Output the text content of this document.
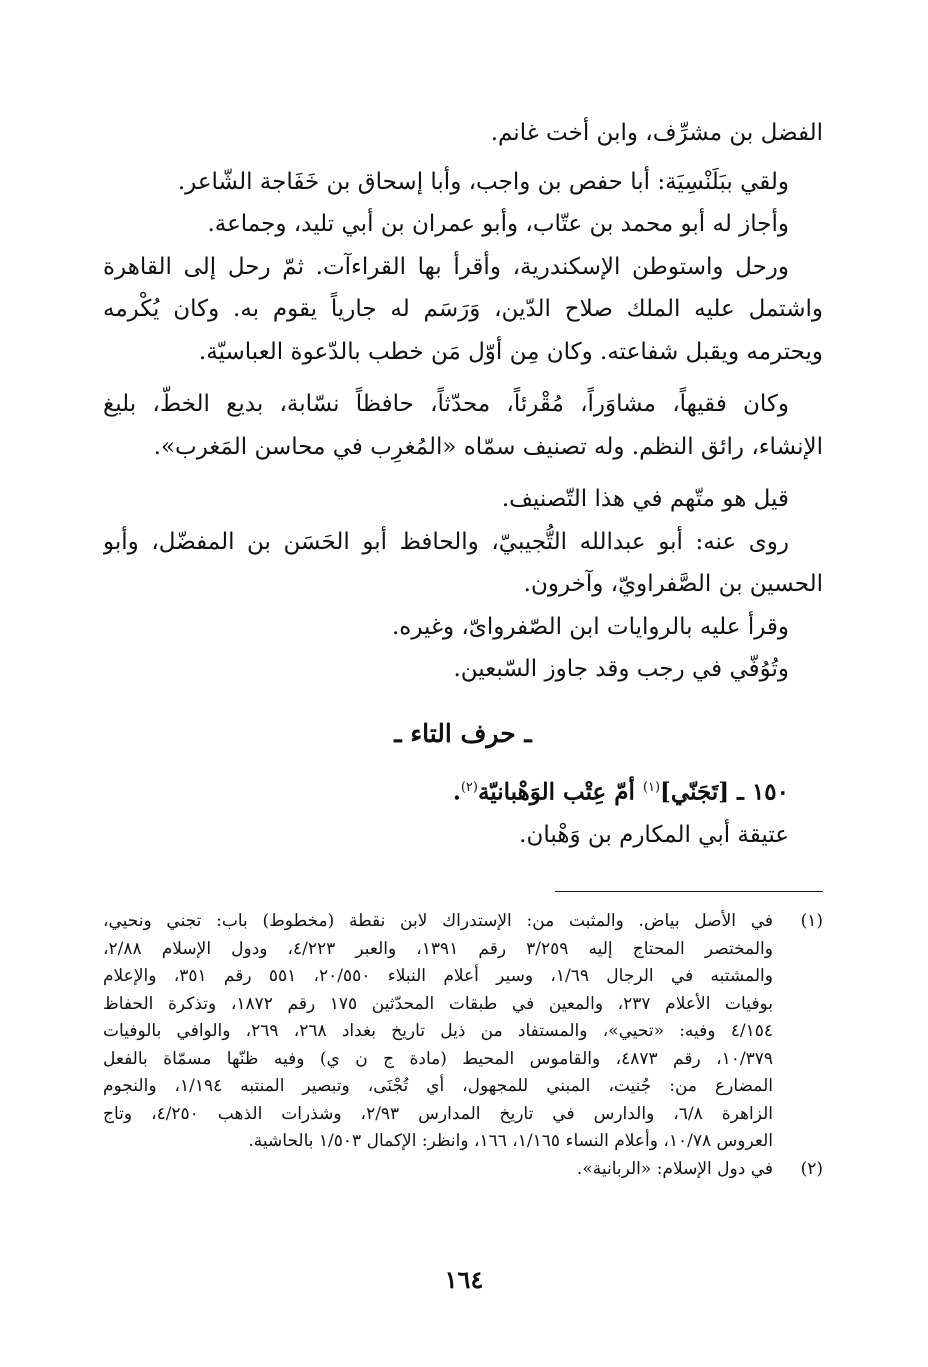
الفضل بن مشرِّف، وابن أخت غانم.
ولقي ببَلَنْسِيَة: أبا حفص بن واجب، وأبا إسحاق بن خَفَاجة الشّاعر.
وأجاز له أبو محمد بن عتّاب، وأبو عمران بن أبي تليد، وجماعة.
ورحل واستوطن الإسكندرية، وأقرأ بها القراءآت. ثمّ رحل إلى القاهرة
واشتمل عليه الملك صلاح الدّين، وَرَسَم له جارياً يقوم به. وكان يُكْرمه
ويحترمه ويقبل شفاعته. وكان مِن أوّل مَن خطب بالدّعوة العباسيّة.
وكان فقيهاً، مشاوَراً، مُقْرئاً، محدّثاً، حافظاً نسّابة، بديع الخطّ، بليغ
الإنشاء، رائق النظم. وله تصنيف سمّاه «المُغرِب في محاسن المَغرب».
قيل هو متّهم في هذا التّصنيف.
روى عنه: أبو عبدالله التُّجيبيّ، والحافظ أبو الحَسَن بن المفضّل، وأبو
الحسين بن الصَّفراويّ، وآخرون.
وقرأ عليه بالروايات ابن الصّفرواىّ، وغيره.
وتُوُفّي في رجب وقد جاوز السّبعين.
ـ حرف التاء ـ
١٥٠ ـ [تَجَنّي]$^{(١)}$ أمّ عِتْب الوَهْبانيّة$^{(٢)}$.
عتيقة أبي المكارم بن وَهْبان.
(١)
في الأصل بياض. والمثبت من: الإستدراك لابن نقطة (مخطوط) باب: تجني ونحيي،
والمختصر المحتاج إليه ٣/٢٥٩ رقم ١٣٩١، والعبر ٤/٢٢٣، ودول الإسلام ٢/٨٨،
والمشتبه في الرجال ١/٦٩، وسير أعلام النبلاء ٢٠/٥٥٠، ٥٥١ رقم ٣٥١، والإعلام
بوفيات الأعلام ٢٣٧، والمعين في طبقات المحدّثين ١٧٥ رقم ١٨٧٢، وتذكرة الحفاظ
٤/١٥٤ وفيه: «تحيي»، والمستفاد من ذيل تاريخ بغداد ٢٦٨، ٢٦٩، والوافي بالوفيات
١٠/٣٧٩، رقم ٤٨٧٣، والقاموس المحيط (مادة ج ن ي) وفيه ظنّها مسمّاة بالفعل
المضارع من: جُنيت، المبني للمجهول، أي تُجْنَى، وتبصير المنتبه ١/١٩٤، والنجوم
الزاهرة ٦/٨، والدارس في تاريخ المدارس ٢/٩٣، وشذرات الذهب ٤/٢٥٠، وتاج
العروس ١٠/٧٨، وأعلام النساء ١/١٦٥، ١٦٦، وانظر: الإكمال ١/٥٠٣ بالحاشية.
(٢)
في دول الإسلام: «الربانية».
١٦٤
